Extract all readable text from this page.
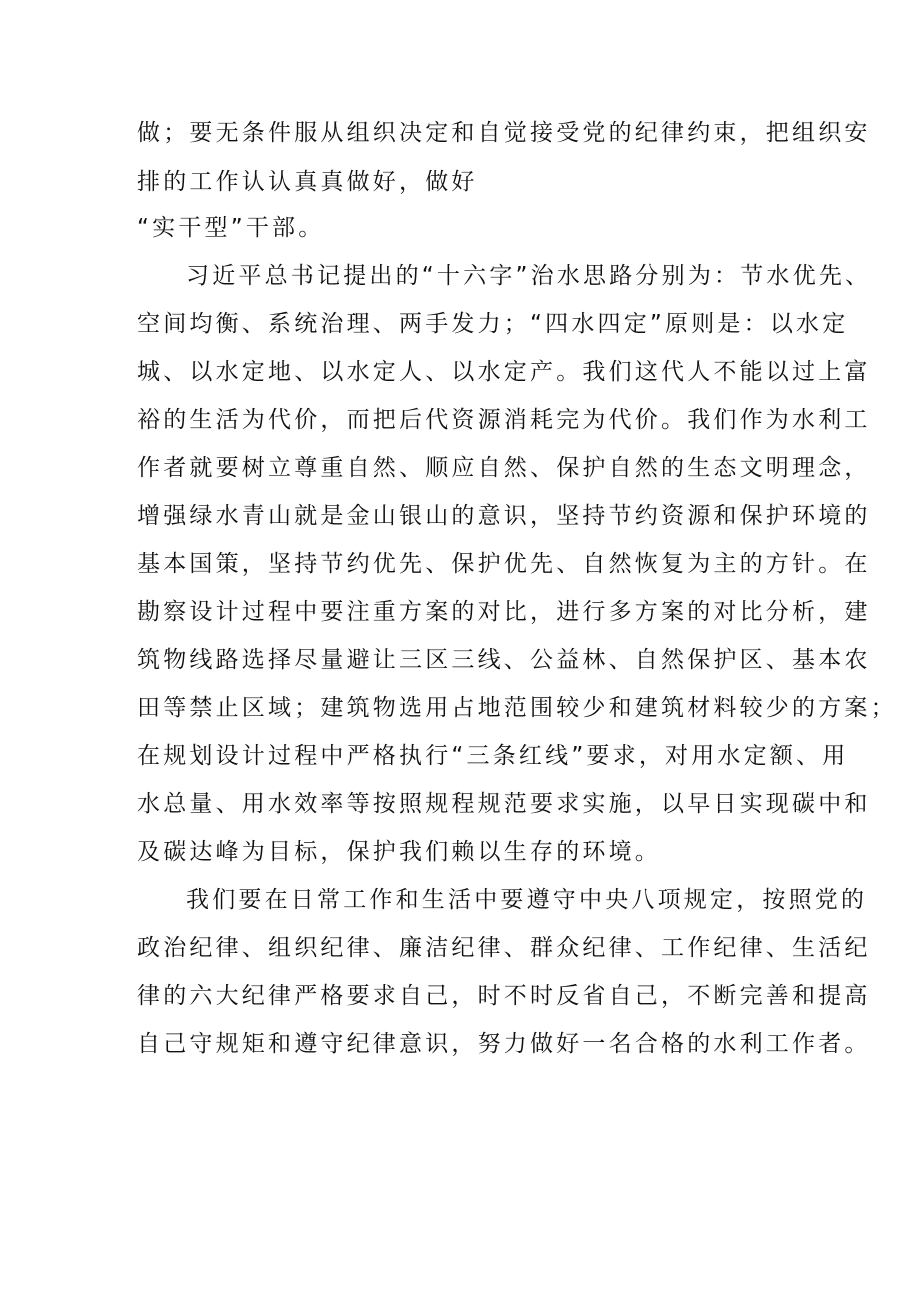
做；要无条件服从组织决定和自觉接受党的纪律约束，把组织安
排的工作认认真真做好，做好
“实干型”干部。
习近平总书记提出的“十六字”治水思路分别为：节水优先、
空间均衡、系统治理、两手发力；“四水四定”原则是：以水定
城、以水定地、以水定人、以水定产。我们这代人不能以过上富
裕的生活为代价，而把后代资源消耗完为代价。我们作为水利工
作者就要树立尊重自然、顺应自然、保护自然的生态文明理念，
增强绿水青山就是金山银山的意识，坚持节约资源和保护环境的
基本国策，坚持节约优先、保护优先、自然恢复为主的方针。在
勘察设计过程中要注重方案的对比，进行多方案的对比分析，建
筑物线路选择尽量避让三区三线、公益林、自然保护区、基本农
田等禁止区域；建筑物选用占地范围较少和建筑材料较少的方案；
在规划设计过程中严格执行“三条红线”要求，对用水定额、用
水总量、用水效率等按照规程规范要求实施，以早日实现碳中和
及碳达峰为目标，保护我们赖以生存的环境。
我们要在日常工作和生活中要遵守中央八项规定，按照党的
政治纪律、组织纪律、廉洁纪律、群众纪律、工作纪律、生活纪
律的六大纪律严格要求自己，时不时反省自己，不断完善和提高
自己守规矩和遵守纪律意识，努力做好一名合格的水利工作者。
